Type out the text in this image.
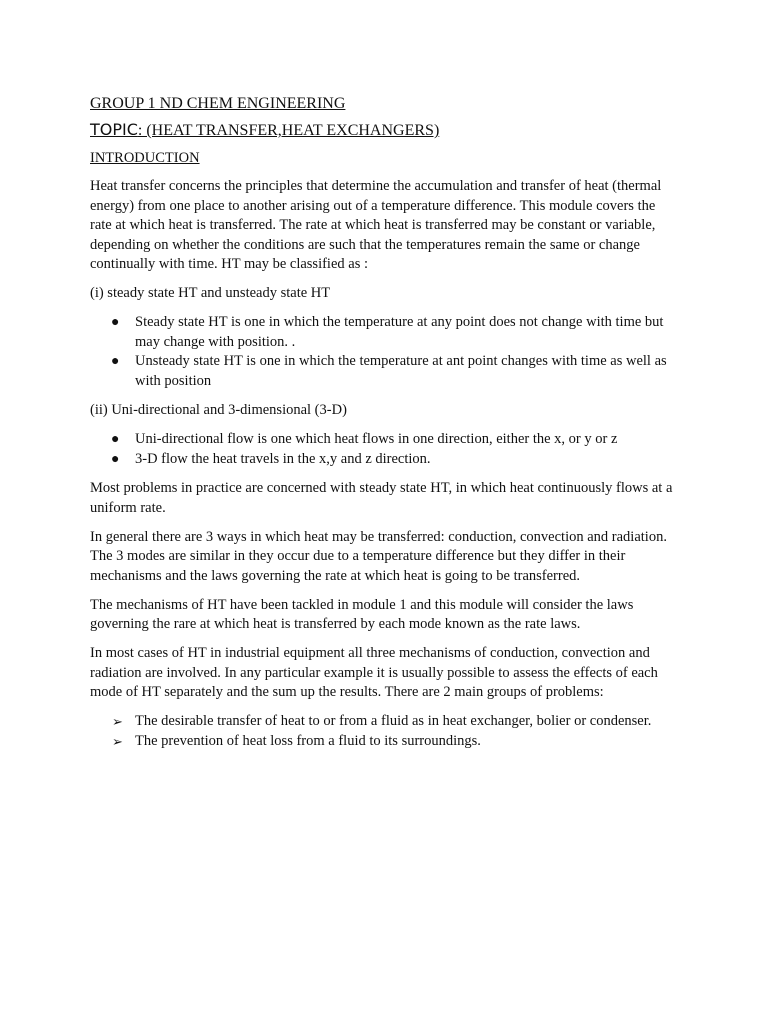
GROUP 1 ND CHEM ENGINEERING
TOPIC: (HEAT TRANSFER,HEAT EXCHANGERS)
INTRODUCTION

Heat transfer concerns the principles that determine the accumulation and transfer of heat (thermal energy) from one place to another arising out of a temperature difference. This module covers the rate at which heat is transferred. The rate at which heat is transferred may be constant or variable, depending on whether the conditions are such that the temperatures remain the same or change continually with time. HT may be classified as :

(i) steady state HT and unsteady state HT

● Steady state HT is one in which the temperature at any point does not change with time but may change with position. .
● Unsteady state HT is one in which the temperature at ant point changes with time as well as with position

(ii) Uni-directional and 3-dimensional (3-D)

● Uni-directional flow is one which heat flows in one direction, either the x, or y or z
● 3-D flow the heat travels in the x,y and z direction.

Most problems in practice are concerned with steady state HT, in which heat continuously flows at a uniform rate.

In general there are 3 ways in which heat may be transferred: conduction, convection and radiation. The 3 modes are similar in they occur due to a temperature difference but they differ in their mechanisms and the laws governing the rate at which heat is going to be transferred.

The mechanisms of HT have been tackled in module 1 and this module will consider the laws governing the rare at which heat is transferred by each mode known as the rate laws.

In most cases of HT in industrial equipment all three mechanisms of conduction, convection and radiation are involved. In any particular example it is usually possible to assess the effects of each mode of HT separately and the sum up the results. There are 2 main groups of problems:

➢ The desirable transfer of heat to or from a fluid as in heat exchanger, bolier or condenser.
➢ The prevention of heat loss from a fluid to its surroundings.
